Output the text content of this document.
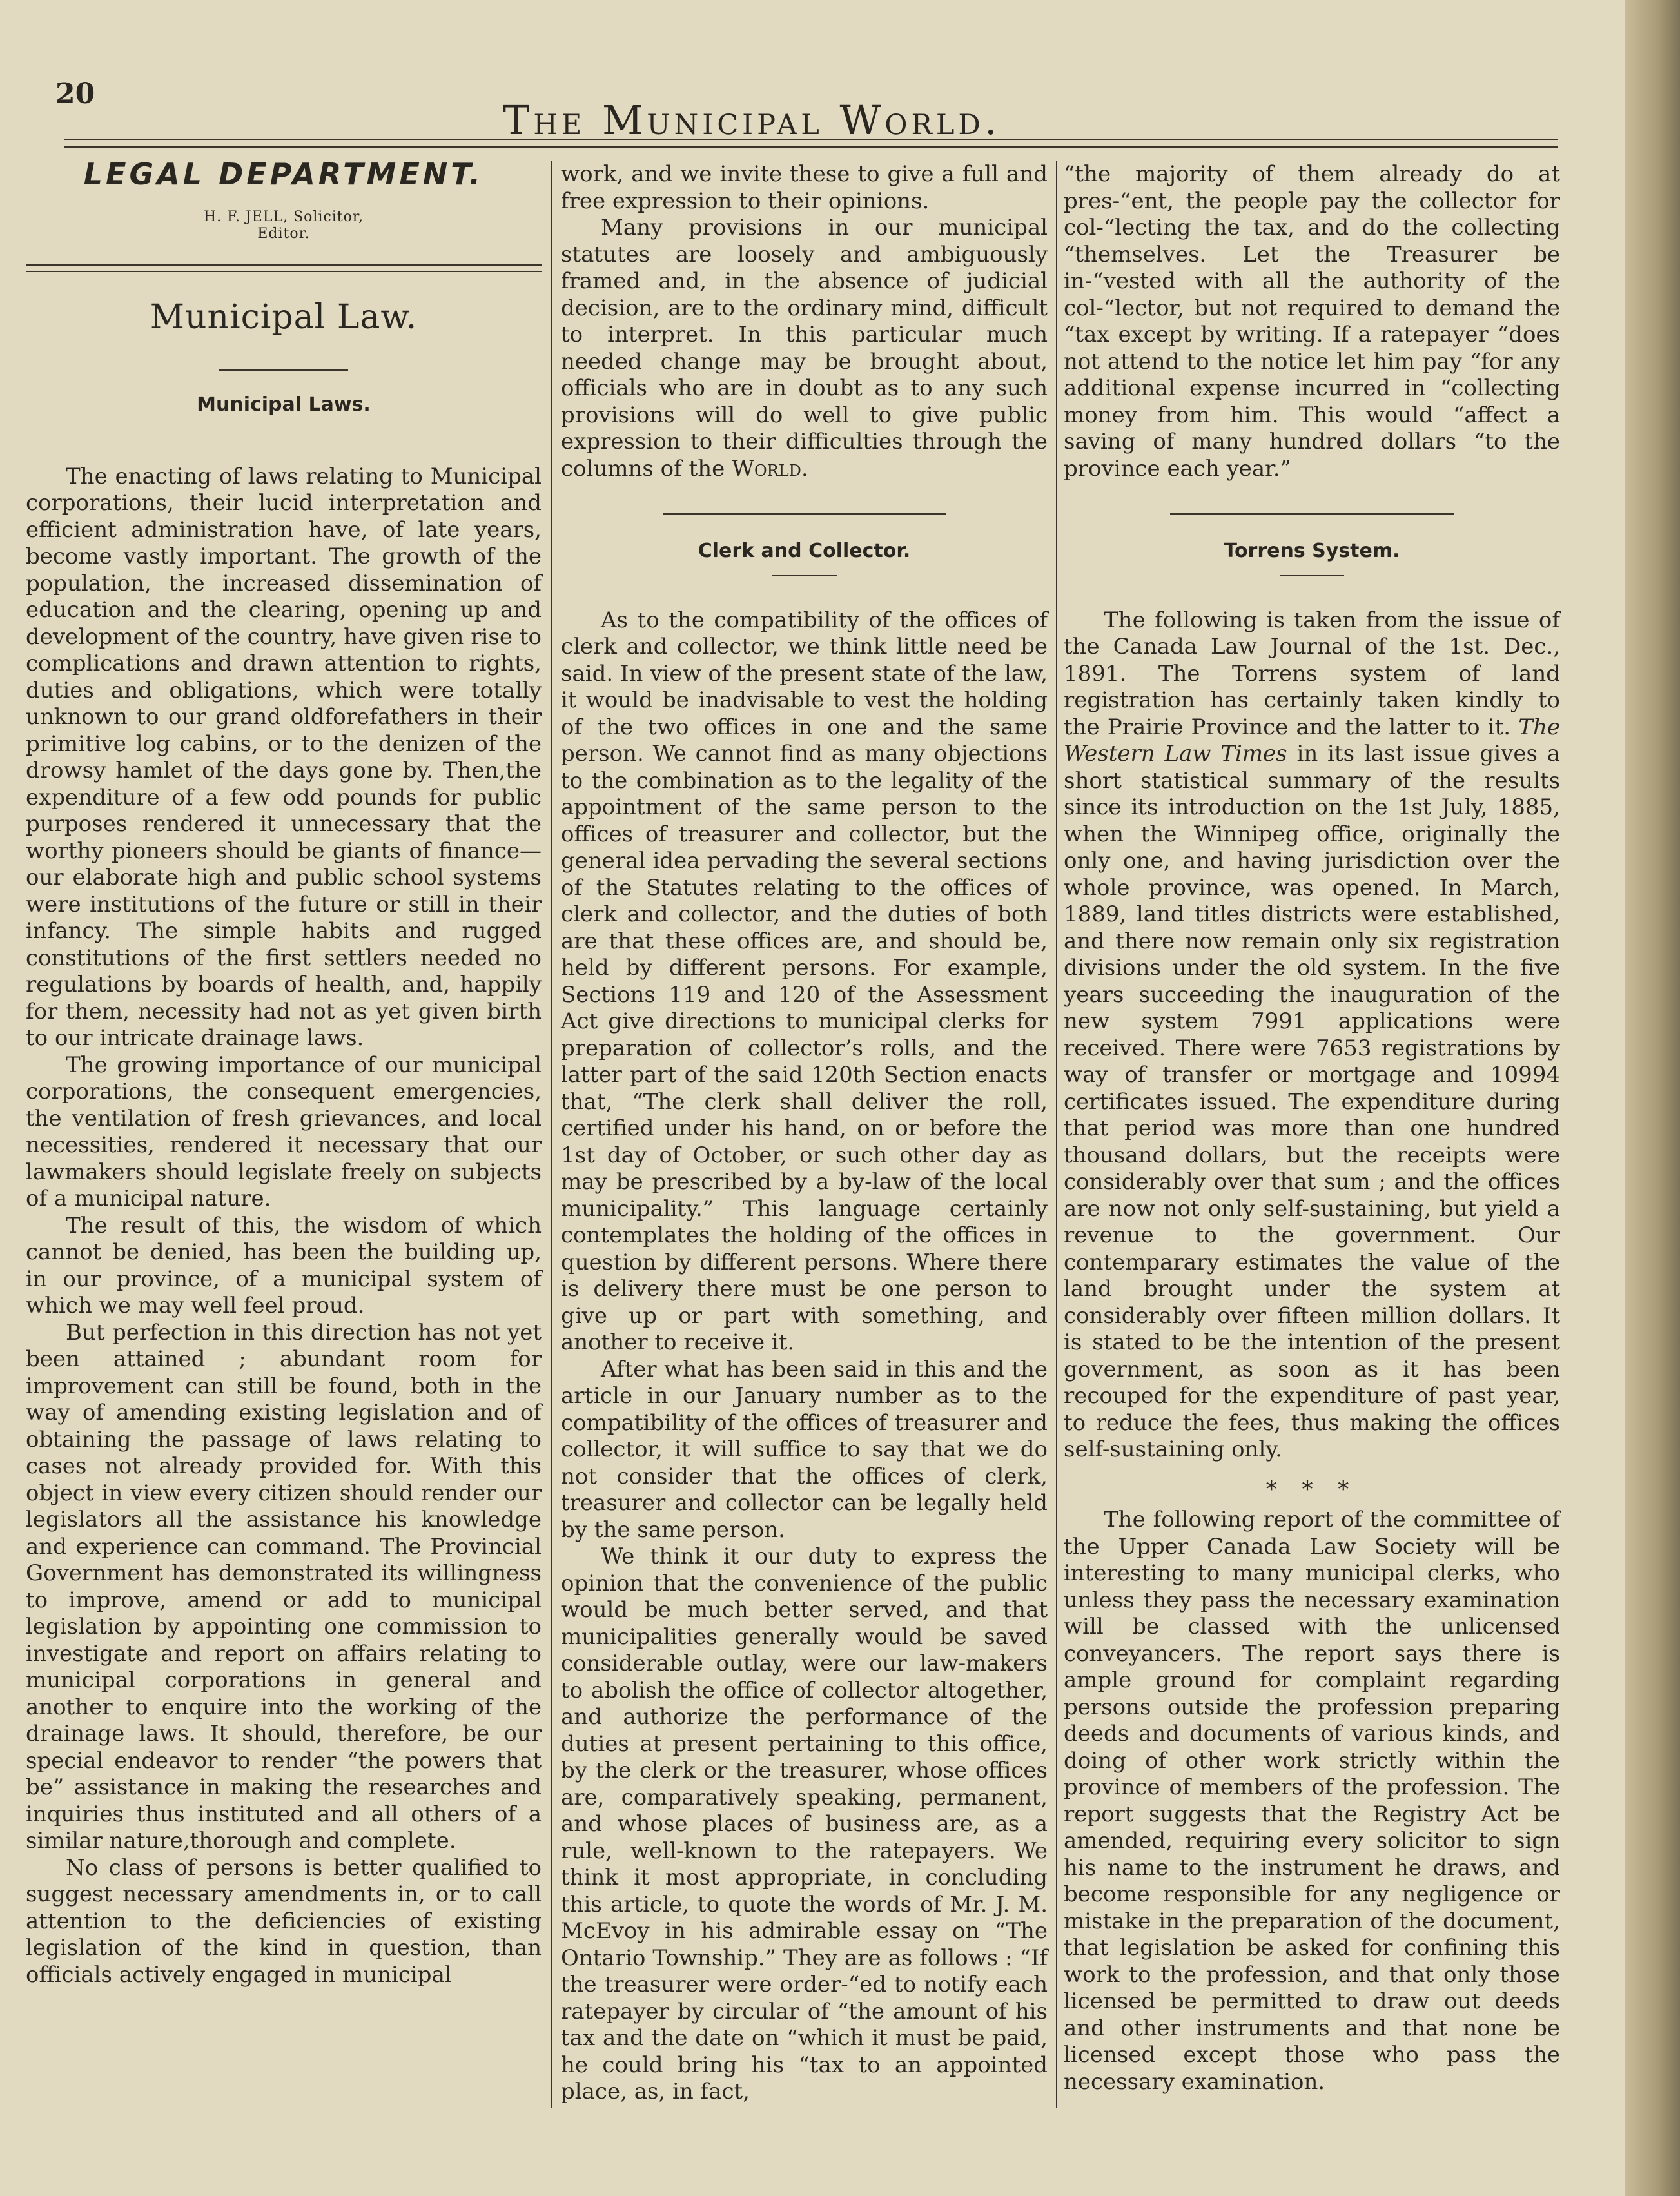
20
The Municipal World.
LEGAL DEPARTMENT.
H. F. JELL, Solicitor,
Editor.
Municipal Law.
Municipal Laws.

The enacting of laws relating to Municipal corporations, their lucid interpretation and efficient administration have, of late years, become vastly important. The growth of the population, the increased dissemination of education and the clearing, opening up and development of the country, have given rise to complications and drawn attention to rights, duties and obligations, which were totally unknown to our grand oldforefathers in their primitive log cabins, or to the denizen of the drowsy hamlet of the days gone by. Then,the expenditure of a few odd pounds for public purposes rendered it unnecessary that the worthy pioneers should be giants of finance—our elaborate high and public school systems were institutions of the future or still in their infancy. The simple habits and rugged constitutions of the first settlers needed no regulations by boards of health, and, happily for them, necessity had not as yet given birth to our intricate drainage laws.

The growing importance of our municipal corporations, the consequent emergencies, the ventilation of fresh grievances, and local necessities, rendered it necessary that our lawmakers should legislate freely on subjects of a municipal nature.

The result of this, the wisdom of which cannot be denied, has been the building up, in our province, of a municipal system of which we may well feel proud.

But perfection in this direction has not yet been attained ; abundant room for improvement can still be found, both in the way of amending existing legislation and of obtaining the passage of laws relating to cases not already provided for. With this object in view every citizen should render our legislators all the assistance his knowledge and experience can command. The Provincial Government has demonstrated its willingness to improve, amend or add to municipal legislation by appointing one commission to investigate and report on affairs relating to municipal corporations in general and another to enquire into the working of the drainage laws. It should, therefore, be our special endeavor to render “the powers that be” assistance in making the researches and inquiries thus instituted and all others of a similar nature,thorough and complete.

No class of persons is better qualified to suggest necessary amendments in, or to call attention to the deficiencies of existing legislation of the kind in question, than officials actively engaged in municipal

work, and we invite these to give a full and free expression to their opinions.

Many provisions in our municipal statutes are loosely and ambiguously framed and, in the absence of judicial decision, are to the ordinary mind, difficult to interpret. In this particular much needed change may be brought about, officials who are in doubt as to any such provisions will do well to give public expression to their difficulties through the columns of the World.

Clerk and Collector.

As to the compatibility of the offices of clerk and collector, we think little need be said. In view of the present state of the law, it would be inadvisable to vest the holding of the two offices in one and the same person. We cannot find as many objections to the combination as to the legality of the appointment of the same person to the offices of treasurer and collector, but the general idea pervading the several sections of the Statutes relating to the offices of clerk and collector, and the duties of both are that these offices are, and should be, held by different persons. For example, Sections 119 and 120 of the Assessment Act give directions to municipal clerks for preparation of collector’s rolls, and the latter part of the said 120th Section enacts that, “The clerk shall deliver the roll, certified under his hand, on or before the 1st day of October, or such other day as may be prescribed by a by-law of the local municipality.” This language certainly contemplates the holding of the offices in question by different persons. Where there is delivery there must be one person to give up or part with something, and another to receive it.

After what has been said in this and the article in our January number as to the compatibility of the offices of treasurer and collector, it will suffice to say that we do not consider that the offices of clerk, treasurer and collector can be legally held by the same person.

We think it our duty to express the opinion that the convenience of the public would be much better served, and that municipalities generally would be saved considerable outlay, were our law-makers to abolish the office of collector altogether, and authorize the performance of the duties at present pertaining to this office, by the clerk or the treasurer, whose offices are, comparatively speaking, permanent, and whose places of business are, as a rule, well-known to the ratepayers. We think it most appropriate, in concluding this article, to quote the words of Mr. J. M. McEvoy in his admirable essay on “The Ontario Township.” They are as follows : “If the treasurer were order-“ed to notify each ratepayer by circular of “the amount of his tax and the date on “which it must be paid, he could bring his “tax to an appointed place, as, in fact,

“the majority of them already do at pres-“ent, the people pay the collector for col-“lecting the tax, and do the collecting “themselves. Let the Treasurer be in-“vested with all the authority of the col-“lector, but not required to demand the “tax except by writing. If a ratepayer “does not attend to the notice let him pay “for any additional expense incurred in “collecting money from him. This would “affect a saving of many hundred dollars “to the province each year.”

Torrens System.

The following is taken from the issue of the Canada Law Journal of the 1st. Dec., 1891. The Torrens system of land registration has certainly taken kindly to the Prairie Province and the latter to it. The Western Law Times in its last issue gives a short statistical summary of the results since its introduction on the 1st July, 1885, when the Winnipeg office, originally the only one, and having jurisdiction over the whole province, was opened. In March, 1889, land titles districts were established, and there now remain only six registration divisions under the old system. In the five years succeeding the inauguration of the new system 7991 applications were received. There were 7653 registrations by way of transfer or mortgage and 10994 certificates issued. The expenditure during that period was more than one hundred thousand dollars, but the receipts were considerably over that sum ; and the offices are now not only self-sustaining, but yield a revenue to the government. Our contemparary estimates the value of the land brought under the system at considerably over fifteen million dollars. It is stated to be the intention of the present government, as soon as it has been recouped for the expenditure of past year, to reduce the fees, thus making the offices self-sustaining only.

* * *

The following report of the committee of the Upper Canada Law Society will be interesting to many municipal clerks, who unless they pass the necessary examination will be classed with the unlicensed conveyancers. The report says there is ample ground for complaint regarding persons outside the profession preparing deeds and documents of various kinds, and doing of other work strictly within the province of members of the profession. The report suggests that the Registry Act be amended, requiring every solicitor to sign his name to the instrument he draws, and become responsible for any negligence or mistake in the preparation of the document, that legislation be asked for confining this work to the profession, and that only those licensed be permitted to draw out deeds and other instruments and that none be licensed except those who pass the necessary examination.
